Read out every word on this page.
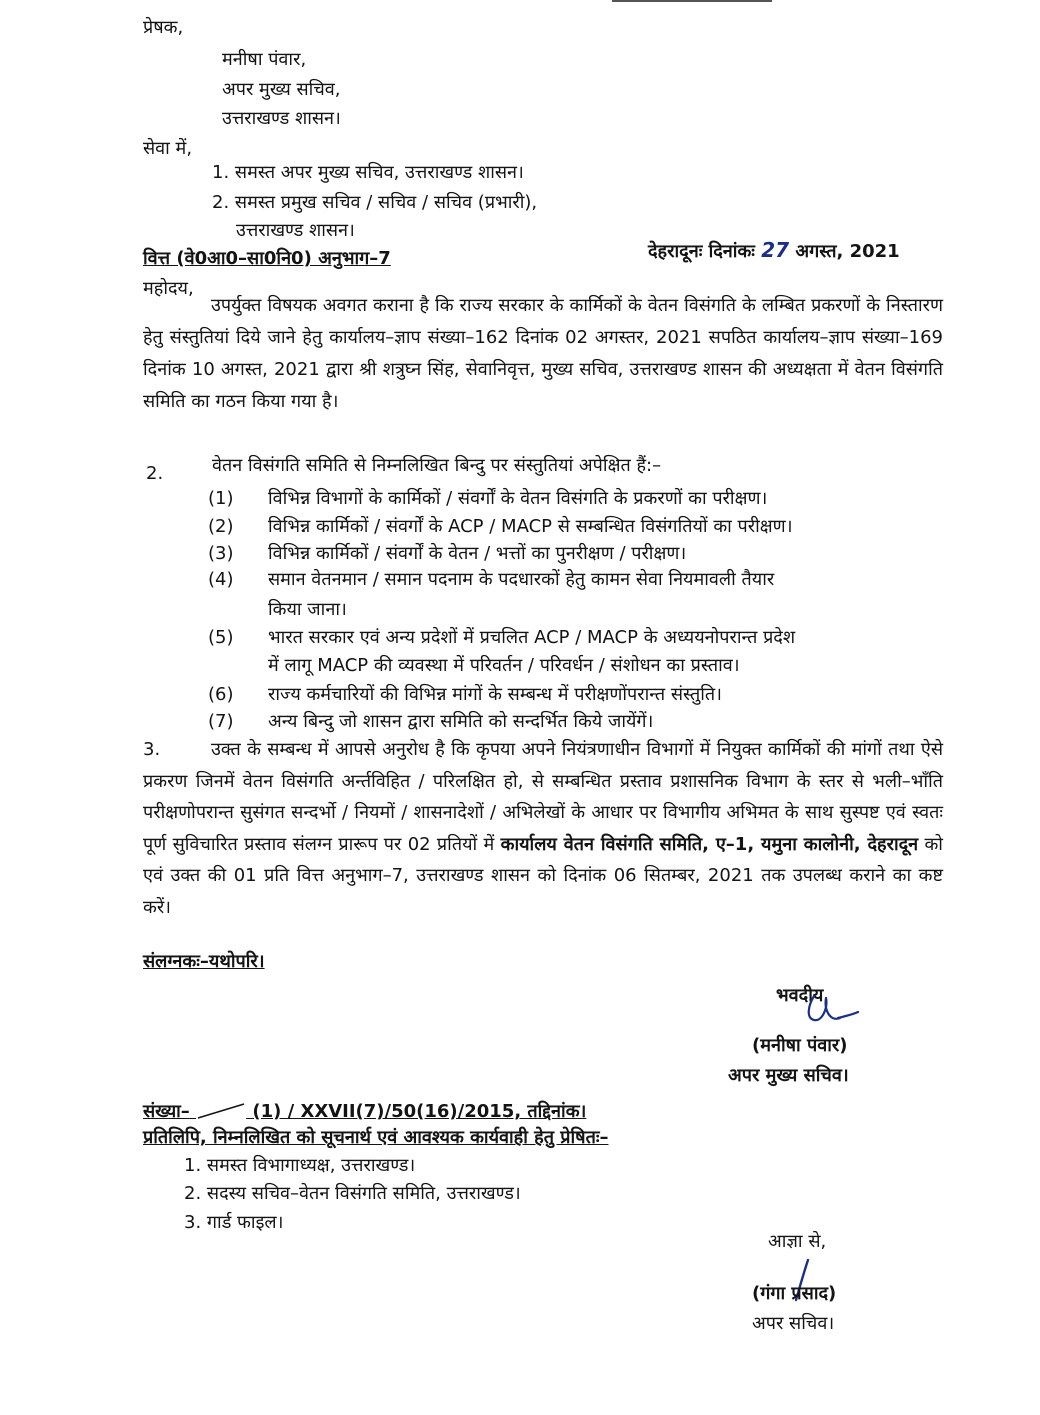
प्रेषक,
मनीषा पंवार,
अपर मुख्य सचिव,
उत्तराखण्ड शासन।
सेवा में,
1. समस्त अपर मुख्य सचिव, उत्तराखण्ड शासन।
2. समस्त प्रमुख सचिव / सचिव / सचिव (प्रभारी),
उत्तराखण्ड शासन।
वित्त (वे0आ0–सा0नि0) अनुभाग–7	देहरादूनः दिनांकः 27 अगस्त, 2021
महोदय,
उपर्युक्त विषयक अवगत कराना है कि राज्य सरकार के कार्मिकों के वेतन विसंगति के लम्बित प्रकरणों के निस्तारण हेतु संस्तुतियां दिये जाने हेतु कार्यालय–ज्ञाप संख्या–162 दिनांक 02 अगस्तर, 2021 सपठित कार्यालय–ज्ञाप संख्या–169 दिनांक 10 अगस्त, 2021 द्वारा श्री शत्रुघ्न सिंह, सेवानिवृत्त, मुख्य सचिव, उत्तराखण्ड शासन की अध्यक्षता में वेतन विसंगति समिति का गठन किया गया है।
2.	वेतन विसंगति समिति से निम्नलिखित बिन्दु पर संस्तुतियां अपेक्षित हैं:–
(1) विभिन्न विभागों के कार्मिकों / संवर्गों के वेतन विसंगति के प्रकरणों का परीक्षण।
(2) विभिन्न कार्मिकों / संवर्गों के ACP / MACP से सम्बन्धित विसंगतियों का परीक्षण।
(3) विभिन्न कार्मिकों / संवर्गों के वेतन / भत्तों का पुनरीक्षण / परीक्षण।
(4) समान वेतनमान / समान पदनाम के पदधारकों हेतु कामन सेवा नियमावली तैयार
किया जाना।
(5) भारत सरकार एवं अन्य प्रदेशों में प्रचलित ACP / MACP के अध्ययनोपरान्त प्रदेश
में लागू MACP की व्यवस्था में परिवर्तन / परिवर्धन / संशोधन का प्रस्ताव।
(6) राज्य कर्मचारियों की विभिन्न मांगों के सम्बन्ध में परीक्षणोंपरान्त संस्तुति।
(7) अन्य बिन्दु जो शासन द्वारा समिति को सन्दर्भित किये जायेंगें।
3.	उक्त के सम्बन्ध में आपसे अनुरोध है कि कृपया अपने नियंत्रणाधीन विभागों में नियुक्त कार्मिकों की मांगों तथा ऐसे प्रकरण जिनमें वेतन विसंगति अर्न्तविहित / परिलक्षित हो, से सम्बन्धित प्रस्ताव प्रशासनिक विभाग के स्तर से भली–भाँति परीक्षणोपरान्त सुसंगत सन्दर्भो / नियमों / शासनादेशों / अभिलेखों के आधार पर विभागीय अभिमत के साथ सुस्पष्ट एवं स्वतः पूर्ण सुविचारित प्रस्ताव संलग्न प्रारूप पर 02 प्रतियों में कार्यालय वेतन विसंगति समिति, ए–1, यमुना कालोनी, देहरादून को एवं उक्त की 01 प्रति वित्त अनुभाग–7, उत्तराखण्ड शासन को दिनांक 06 सितम्बर, 2021 तक उपलब्ध कराने का कष्ट करें।
संलग्नकः–यथोपरि।
भवदीय
(मनीषा पंवार)
अपर मुख्य सचिव।
संख्या–	(1) / XXVII(7)/50(16)/2015, तद्दिनांक।
प्रतिलिपि, निम्नलिखित को सूचनार्थ एवं आवश्यक कार्यवाही हेतु प्रेषितः–
1. समस्त विभागाध्यक्ष, उत्तराखण्ड।
2. सदस्य सचिव–वेतन विसंगति समिति, उत्तराखण्ड।
3. गार्ड फाइल।
आज्ञा से,
(गंगा प्रसाद)
अपर सचिव।
